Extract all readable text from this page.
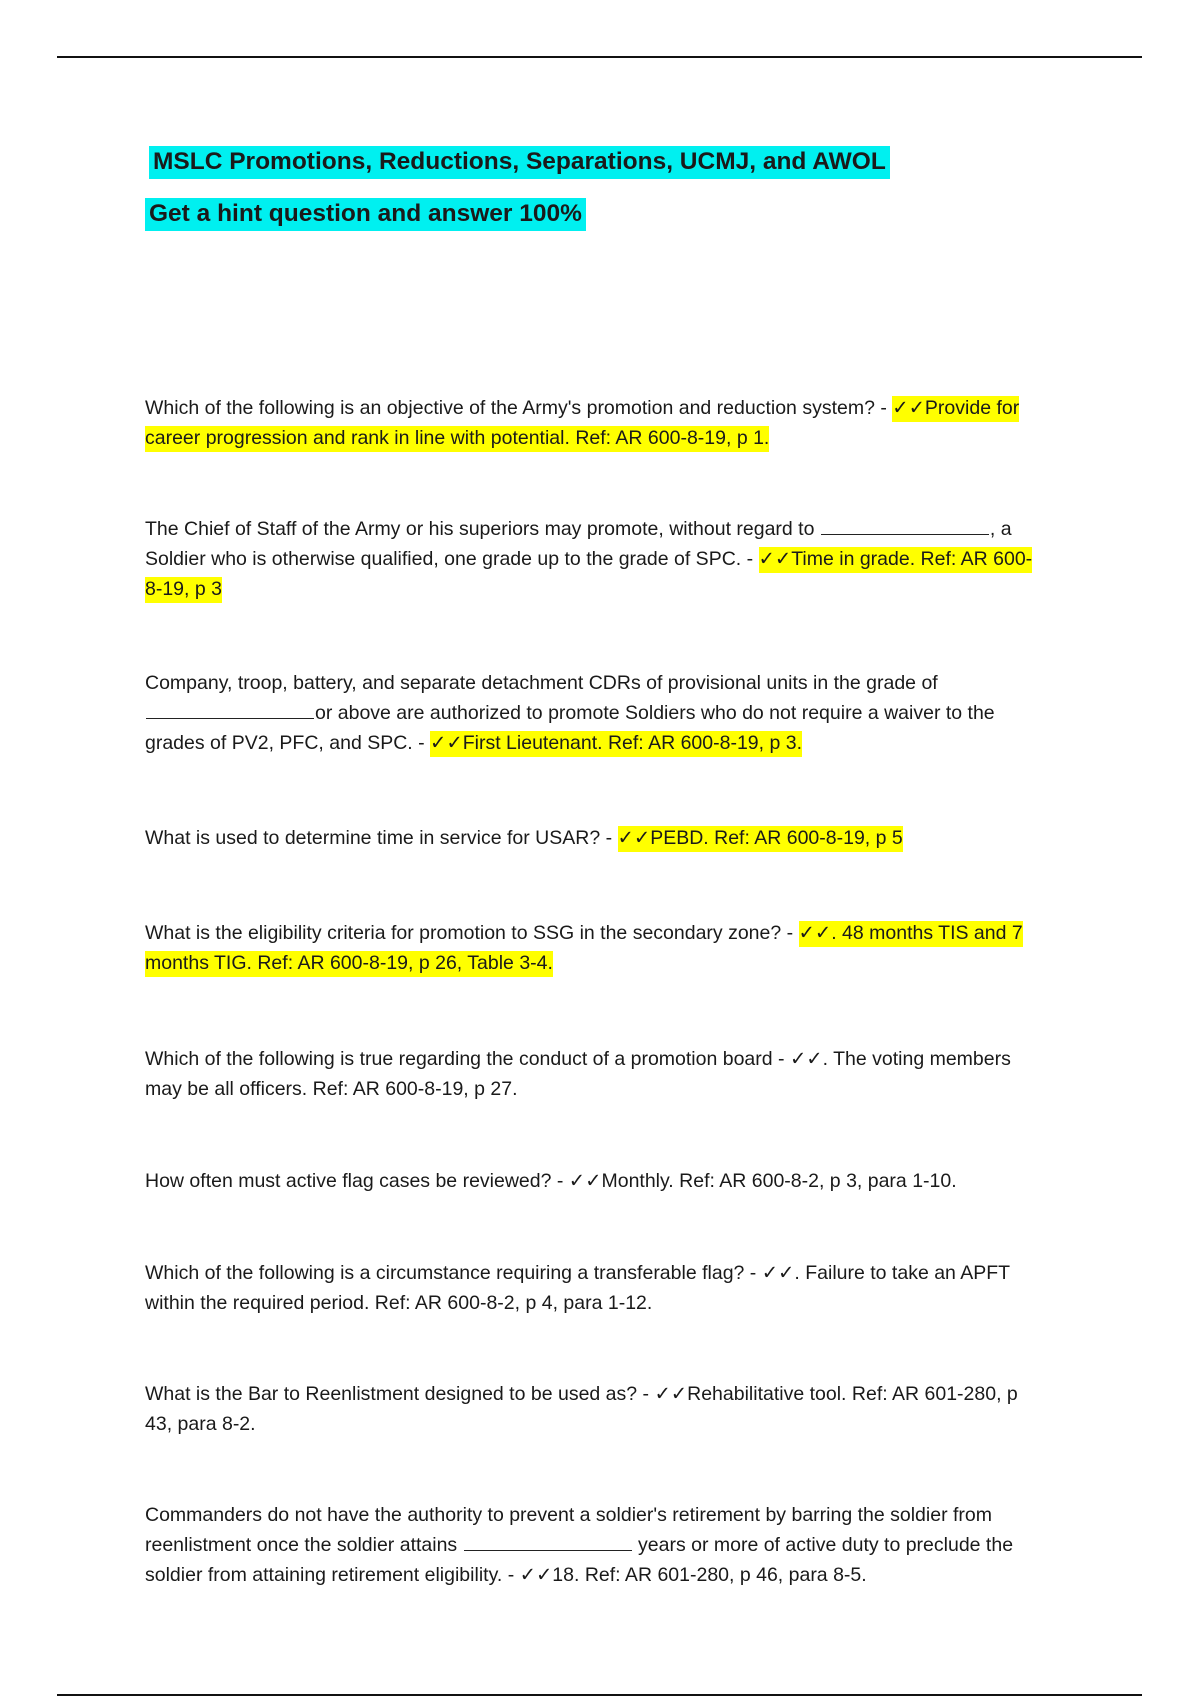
MSLC Promotions, Reductions, Separations, UCMJ, and AWOL
Get a hint question and answer 100%

Which of the following is an objective of the Army's promotion and reduction system? - ✓✓Provide for career progression and rank in line with potential. Ref: AR 600-8-19, p 1.

The Chief of Staff of the Army or his superiors may promote, without regard to	, a Soldier who is otherwise qualified, one grade up to the grade of SPC. - ✓✓Time in grade. Ref: AR 600-8-19, p 3

Company, troop, battery, and separate detachment CDRs of provisional units in the grade of or above are authorized to promote Soldiers who do not require a waiver to the grades of PV2, PFC, and SPC. - ✓✓First Lieutenant. Ref: AR 600-8-19, p 3.

What is used to determine time in service for USAR? - ✓✓PEBD. Ref: AR 600-8-19, p 5

What is the eligibility criteria for promotion to SSG in the secondary zone? - ✓✓. 48 months TIS and 7 months TIG. Ref: AR 600-8-19, p 26, Table 3-4.

Which of the following is true regarding the conduct of a promotion board - ✓✓. The voting members may be all officers. Ref: AR 600-8-19, p 27.

How often must active flag cases be reviewed? - ✓✓Monthly. Ref: AR 600-8-2, p 3, para 1-10.

Which of the following is a circumstance requiring a transferable flag? - ✓✓. Failure to take an APFT within the required period. Ref: AR 600-8-2, p 4, para 1-12.

What is the Bar to Reenlistment designed to be used as? - ✓✓Rehabilitative tool. Ref: AR 601-280, p 43, para 8-2.

Commanders do not have the authority to prevent a soldier's retirement by barring the soldier from reenlistment once the soldier attains	years or more of active duty to preclude the soldier from attaining retirement eligibility. - ✓✓18. Ref: AR 601-280, p 46, para 8-5.
